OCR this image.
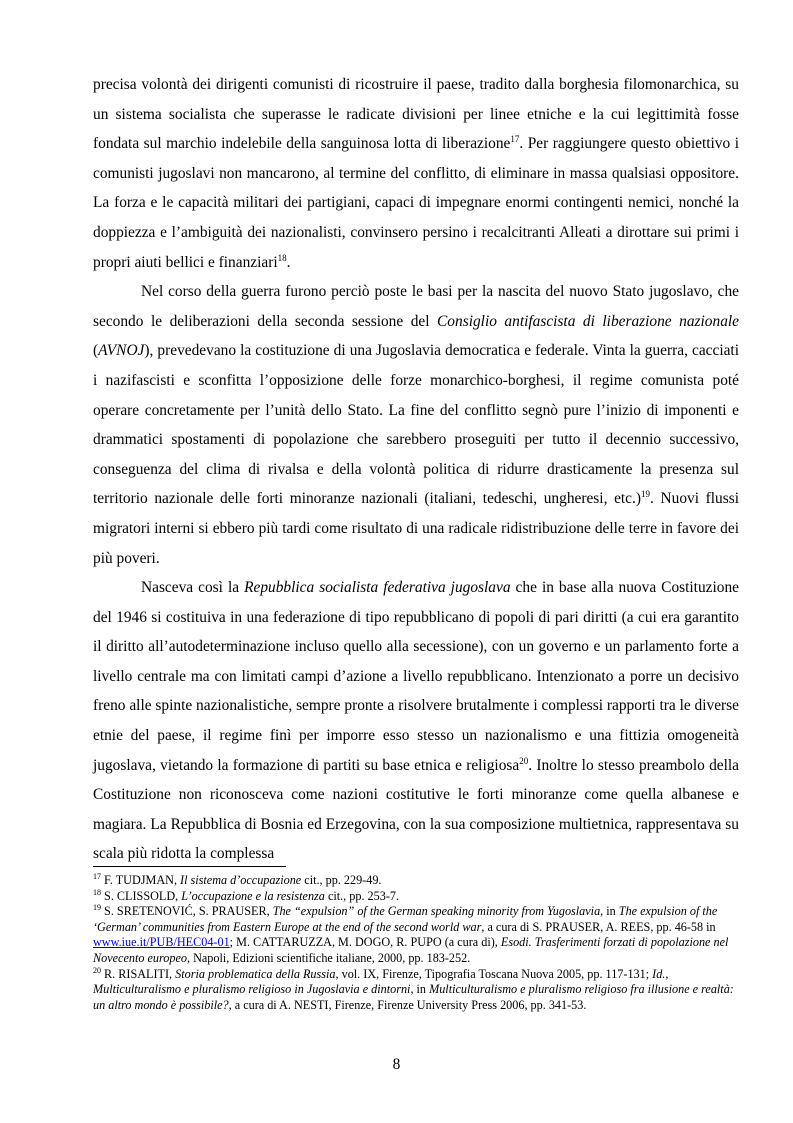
precisa volontà dei dirigenti comunisti di ricostruire il paese, tradito dalla borghesia filomonarchica, su un sistema socialista che superasse le radicate divisioni per linee etniche e la cui legittimità fosse fondata sul marchio indelebile della sanguinosa lotta di liberazione$^{17}$. Per raggiungere questo obiettivo i comunisti jugoslavi non mancarono, al termine del conflitto, di eliminare in massa qualsiasi oppositore. La forza e le capacità militari dei partigiani, capaci di impegnare enormi contingenti nemici, nonché la doppiezza e l’ambiguità dei nazionalisti, convinsero persino i recalcitranti Alleati a dirottare sui primi i propri aiuti bellici e finanziari$^{18}$.

Nel corso della guerra furono perciò poste le basi per la nascita del nuovo Stato jugoslavo, che secondo le deliberazioni della seconda sessione del Consiglio antifascista di liberazione nazionale (AVNOJ), prevedevano la costituzione di una Jugoslavia democratica e federale. Vinta la guerra, cacciati i nazifascisti e sconfitta l’opposizione delle forze monarchico-borghesi, il regime comunista poté operare concretamente per l’unità dello Stato. La fine del conflitto segnò pure l’inizio di imponenti e drammatici spostamenti di popolazione che sarebbero proseguiti per tutto il decennio successivo, conseguenza del clima di rivalsa e della volontà politica di ridurre drasticamente la presenza sul territorio nazionale delle forti minoranze nazionali (italiani, tedeschi, ungheresi, etc.)$^{19}$. Nuovi flussi migratori interni si ebbero più tardi come risultato di una radicale ridistribuzione delle terre in favore dei più poveri.

Nasceva così la Repubblica socialista federativa jugoslava che in base alla nuova Costituzione del 1946 si costituiva in una federazione di tipo repubblicano di popoli di pari diritti (a cui era garantito il diritto all’autodeterminazione incluso quello alla secessione), con un governo e un parlamento forte a livello centrale ma con limitati campi d’azione a livello repubblicano. Intenzionato a porre un decisivo freno alle spinte nazionalistiche, sempre pronte a risolvere brutalmente i complessi rapporti tra le diverse etnie del paese, il regime finì per imporre esso stesso un nazionalismo e una fittizia omogeneità jugoslava, vietando la formazione di partiti su base etnica e religiosa$^{20}$. Inoltre lo stesso preambolo della Costituzione non riconosceva come nazioni costitutive le forti minoranze come quella albanese e magiara. La Repubblica di Bosnia ed Erzegovina, con la sua composizione multietnica, rappresentava su scala più ridotta la complessa

$^{17}$ F. TUDJMAN, Il sistema d’occupazione cit., pp. 229-49.

$^{18}$ S. CLISSOLD, L’occupazione e la resistenza cit., pp. 253-7.

$^{19}$ S. SRETENOVIĆ, S. PRAUSER, The “expulsion” of the German speaking minority from Yugoslavia, in The expulsion of the ‘German’ communities from Eastern Europe at the end of the second world war, a cura di S. PRAUSER, A. REES, pp. 46-58 in www.iue.it/PUB/HEC04-01; M. CATTARUZZA, M. DOGO, R. PUPO (a cura di), Esodi. Trasferimenti forzati di popolazione nel Novecento europeo, Napoli, Edizioni scientifiche italiane, 2000, pp. 183-252.

$^{20}$ R. RISALITI, Storia problematica della Russia, vol. IX, Firenze, Tipografia Toscana Nuova 2005, pp. 117-131; Id., Multiculturalismo e pluralismo religioso in Jugoslavia e dintorni, in Multiculturalismo e pluralismo religioso fra illusione e realtà: un altro mondo è possibile?, a cura di A. NESTI, Firenze, Firenze University Press 2006, pp. 341-53.

8
